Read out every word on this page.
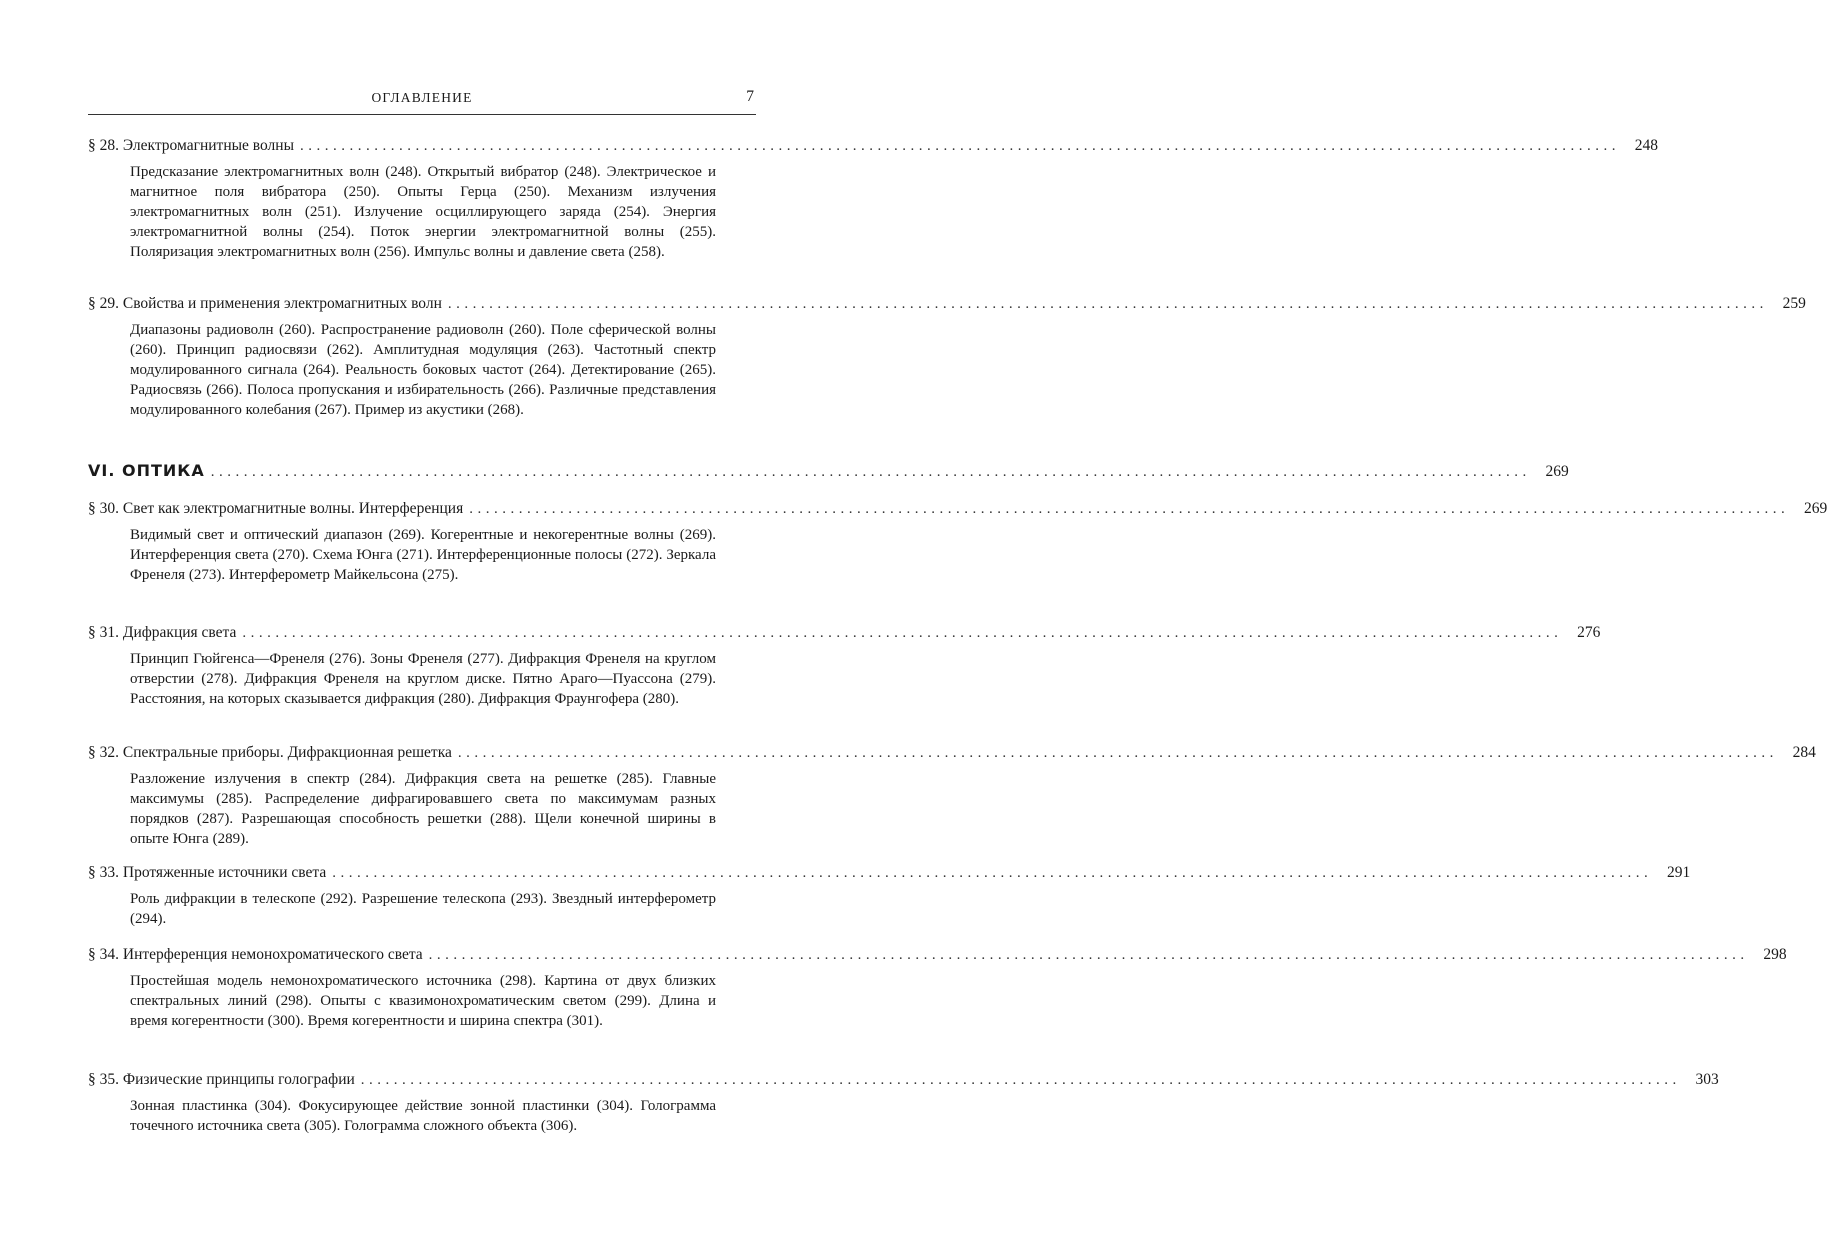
ОГЛАВЛЕНИЕ	7
§ 28. Электромагнитные волны ................................................................................................................................................................ 248
Предсказание электромагнитных волн (248). Открытый вибратор (248). Электрическое и магнитное поля вибратора (250). Опыты Герца (250). Механизм излучения электромагнитных волн (251). Излучение осциллирующего заряда (254). Энергия электромагнитной волны (254). Поток энергии электромагнитной волны (255). Поляризация электромагнитных волн (256). Импульс волны и давление света (258).
§ 29. Свойства и применения электромагнитных волн ................................................................................................................................................................ 259
Диапазоны радиоволн (260). Распространение радиоволн (260). Поле сферической волны (260). Принцип радиосвязи (262). Амплитудная модуляция (263). Частотный спектр модулированного сигнала (264). Реальность боковых частот (264). Детектирование (265). Радиосвязь (266). Полоса пропускания и избирательность (266). Различные представления модулированного колебания (267). Пример из акустики (268).
VI. ОПТИКА ................................................................................................................................................................ 269
§ 30. Свет как электромагнитные волны. Интерференция ................................................................................................................................................................ 269
Видимый свет и оптический диапазон (269). Когерентные и некогерентные волны (269). Интерференция света (270). Схема Юнга (271). Интерференционные полосы (272). Зеркала Френеля (273). Интерферометр Майкельсона (275).
§ 31. Дифракция света ................................................................................................................................................................ 276
Принцип Гюйгенса—Френеля (276). Зоны Френеля (277). Дифракция Френеля на круглом отверстии (278). Дифракция Френеля на круглом диске. Пятно Араго—Пуассона (279). Расстояния, на которых сказывается дифракция (280). Дифракция Фраунгофера (280).
§ 32. Спектральные приборы. Дифракционная решетка ................................................................................................................................................................ 284
Разложение излучения в спектр (284). Дифракция света на решетке (285). Главные максимумы (285). Распределение дифрагировавшего света по максимумам разных порядков (287). Разрешающая способность решетки (288). Щели конечной ширины в опыте Юнга (289).
§ 33. Протяженные источники света ................................................................................................................................................................ 291
Роль дифракции в телескопе (292). Разрешение телескопа (293). Звездный интерферометр (294).
§ 34. Интерференция немонохроматического света ................................................................................................................................................................ 298
Простейшая модель немонохроматического источника (298). Картина от двух близких спектральных линий (298). Опыты с квазимонохроматическим светом (299). Длина и время когерентности (300). Время когерентности и ширина спектра (301).
§ 35. Физические принципы голографии ................................................................................................................................................................ 303
Зонная пластинка (304). Фокусирующее действие зонной пластинки (304). Голограмма точечного источника света (305). Голограмма сложного объекта (306).
